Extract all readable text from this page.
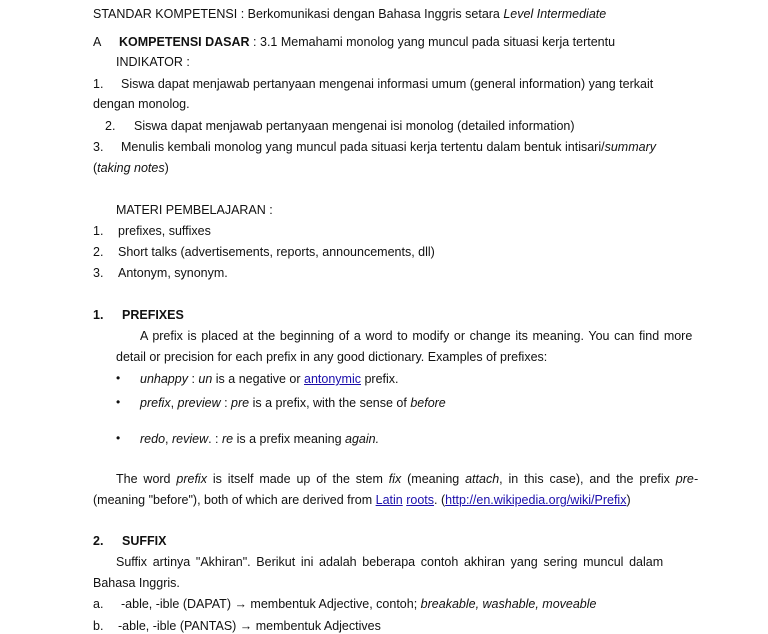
STANDAR KOMPETENSI : Berkomunikasi dengan Bahasa Inggris setara Level Intermediate
A KOMPETENSI DASAR : 3.1 Memahami monolog yang muncul pada situasi kerja tertentu
INDIKATOR :
1. Siswa dapat menjawab pertanyaan mengenai informasi umum (general information) yang terkait
dengan monolog.
2. Siswa dapat menjawab pertanyaan mengenai isi monolog (detailed information)
3. Menulis kembali monolog yang muncul pada situasi kerja tertentu dalam bentuk intisari/summary
(taking notes)
MATERI PEMBELAJARAN :
1. prefixes, suffixes
2. Short talks (advertisements, reports, announcements, dll)
3. Antonym, synonym.
1. PREFIXES
A prefix is placed at the beginning of a word to modify or change its meaning. You can find more
detail or precision for each prefix in any good dictionary. Examples of prefixes:
• unhappy : un is a negative or antonymic prefix.
• prefix, preview : pre is a prefix, with the sense of before
• redo, review. : re is a prefix meaning again.
The word prefix is itself made up of the stem fix (meaning attach, in this case), and the prefix pre-
(meaning "before"), both of which are derived from Latin roots. (http://en.wikipedia.org/wiki/Prefix)
2. SUFFIX
Suffix artinya "Akhiran". Berikut ini adalah beberapa contoh akhiran yang sering muncul dalam
Bahasa Inggris.
a. -able, -ible (DAPAT) → membentuk Adjective, contoh; breakable, washable, moveable
b. -able, -ible (PANTAS) → membentuk Adjectives
